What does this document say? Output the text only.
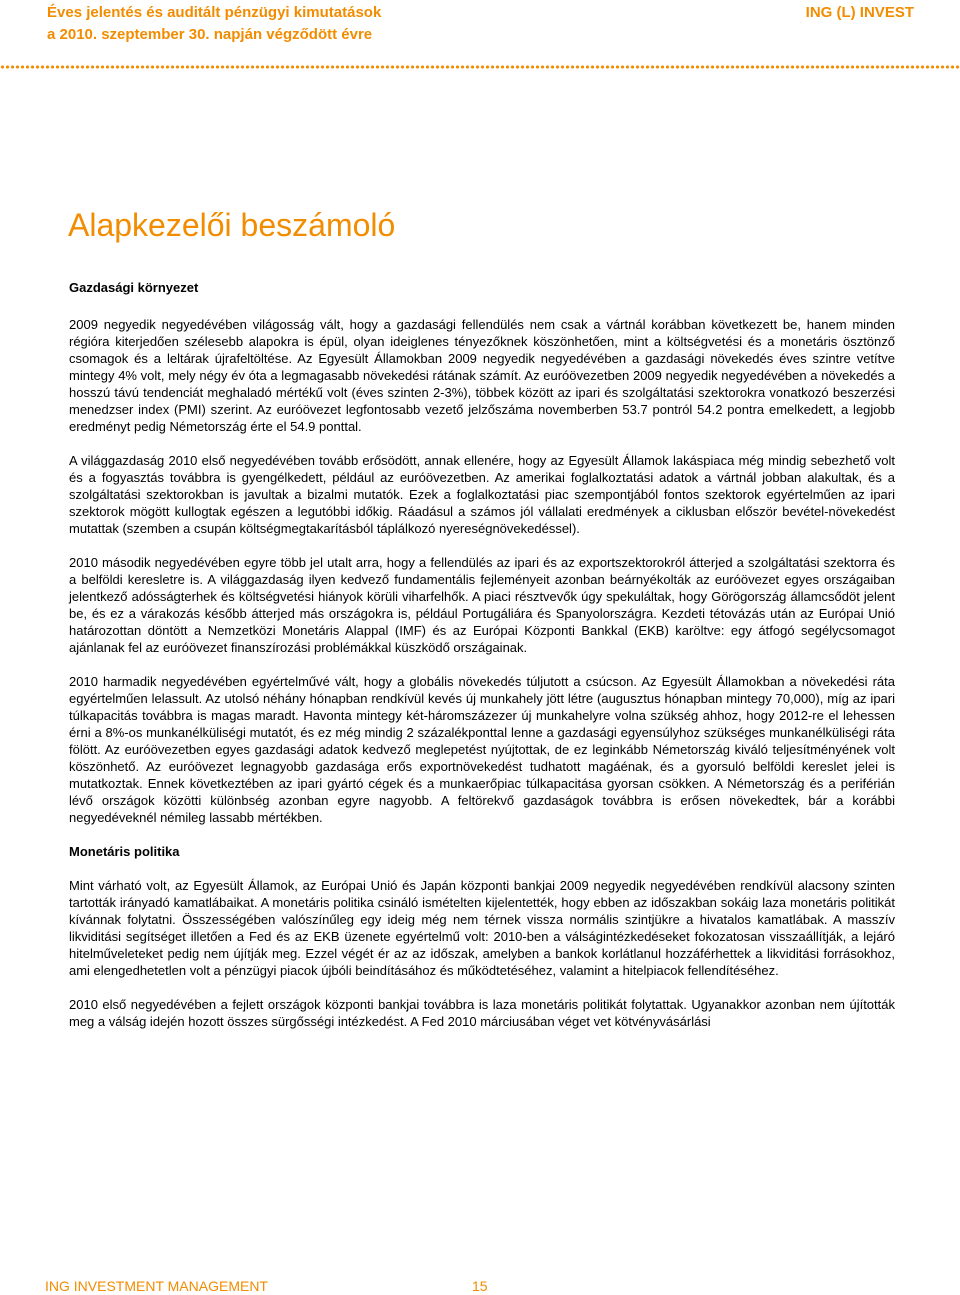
Éves jelentés és auditált pénzügyi kimutatások
a 2010. szeptember 30. napján végződött évre
ING (L) INVEST
Alapkezelői beszámoló
Gazdasági környezet

2009 negyedik negyedévében világosság vált, hogy a gazdasági fellendülés nem csak a vártnál korábban következett be, hanem minden régióra kiterjedően szélesebb alapokra is épül, olyan ideiglenes tényezőknek köszönhetően, mint a költségvetési és a monetáris ösztönző csomagok és a leltárak újrafeltöltése. Az Egyesült Államokban 2009 negyedik negyedévében a gazdasági növekedés éves szintre vetítve mintegy 4% volt, mely négy év óta a legmagasabb növekedési rátának számít. Az euróövezetben 2009 negyedik negyedévében a növekedés a hosszú távú tendenciát meghaladó mértékű volt (éves szinten 2-3%), többek között az ipari és szolgáltatási szektorokra vonatkozó beszerzési menedzser index (PMI) szerint. Az euróövezet legfontosabb vezető jelzőszáma novemberben 53.7 pontról 54.2 pontra emelkedett, a legjobb eredményt pedig Németország érte el 54.9 ponttal.

A világgazdaság 2010 első negyedévében tovább erősödött, annak ellenére, hogy az Egyesült Államok lakáspiaca még mindig sebezhető volt és a fogyasztás továbbra is gyengélkedett, például az euróövezetben. Az amerikai foglalkoztatási adatok a vártnál jobban alakultak, és a szolgáltatási szektorokban is javultak a bizalmi mutatók. Ezek a foglalkoztatási piac szempontjából fontos szektorok egyértelműen az ipari szektorok mögött kullogtak egészen a legutóbbi időkig. Ráadásul a számos jól vállalati eredmények a ciklusban először bevétel-növekedést mutattak (szemben a csupán költségmegtakarításból táplálkozó nyereségnövekedéssel).

2010 második negyedévében egyre több jel utalt arra, hogy a fellendülés az ipari és az exportszektorokról átterjed a szolgáltatási szektorra és a belföldi keresletre is. A világgazdaság ilyen kedvező fundamentális fejleményeit azonban beárnyékolták az euróövezet egyes országaiban jelentkező adósságterhek és költségvetési hiányok körüli viharfelhők. A piaci résztvevők úgy spekuláltak, hogy Görögország államcsődöt jelent be, és ez a várakozás később átterjed más országokra is, például Portugáliára és Spanyolországra. Kezdeti tétovázás után az Európai Unió határozottan döntött a Nemzetközi Monetáris Alappal (IMF) és az Európai Központi Bankkal (EKB) karöltve: egy átfogó segélycsomagot ajánlanak fel az euróövezet finanszírozási problémákkal küszködő országainak.

2010 harmadik negyedévében egyértelművé vált, hogy a globális növekedés túljutott a csúcson. Az Egyesült Államokban a növekedési ráta egyértelműen lelassult. Az utolsó néhány hónapban rendkívül kevés új munkahely jött létre (augusztus hónapban mintegy 70,000), míg az ipari túlkapacitás továbbra is magas maradt. Havonta mintegy két-háromszázezer új munkahelyre volna szükség ahhoz, hogy 2012-re el lehessen érni a 8%-os munkanélküliségi mutatót, és ez még mindig 2 százalékponttal lenne a gazdasági egyensúlyhoz szükséges munkanélküliségi ráta fölött. Az euróövezetben egyes gazdasági adatok kedvező meglepetést nyújtottak, de ez leginkább Németország kiváló teljesítményének volt köszönhető. Az euróövezet legnagyobb gazdasága erős exportnövekedést tudhatott magáénak, és a gyorsuló belföldi kereslet jelei is mutatkoztak. Ennek következtében az ipari gyártó cégek és a munkaerőpiac túlkapacitása gyorsan csökken. A Németország és a periférián lévő országok közötti különbség azonban egyre nagyobb. A feltörekvő gazdaságok továbbra is erősen növekedtek, bár a korábbi negyedéveknél némileg lassabb mértékben.

Monetáris politika

Mint várható volt, az Egyesült Államok, az Európai Unió és Japán központi bankjai 2009 negyedik negyedévében rendkívül alacsony szinten tartották irányadó kamatlábaikat. A monetáris politika csináló ismételten kijelentették, hogy ebben az időszakban sokáig laza monetáris politikát kívánnak folytatni. Összességében valószínűleg egy ideig még nem térnek vissza normális szintjükre a hivatalos kamatlábak. A masszív likviditási segítséget illetően a Fed és az EKB üzenete egyértelmű volt: 2010-ben a válságintézkedéseket fokozatosan visszaállítják, a lejáró hitelműveleteket pedig nem újítják meg. Ezzel végét ér az az időszak, amelyben a bankok korlátlanul hozzáférhettek a likviditási forrásokhoz, ami elengedhetetlen volt a pénzügyi piacok újbóli beindításához és működtetéséhez, valamint a hitelpiacok fellendítéséhez.

2010 első negyedévében a fejlett országok központi bankjai továbbra is laza monetáris politikát folytattak. Ugyanakkor azonban nem újították meg a válság idején hozott összes sürgősségi intézkedést. A Fed 2010 márciusában véget vet kötvényvásárlási

ING INVESTMENT MANAGEMENT	15
